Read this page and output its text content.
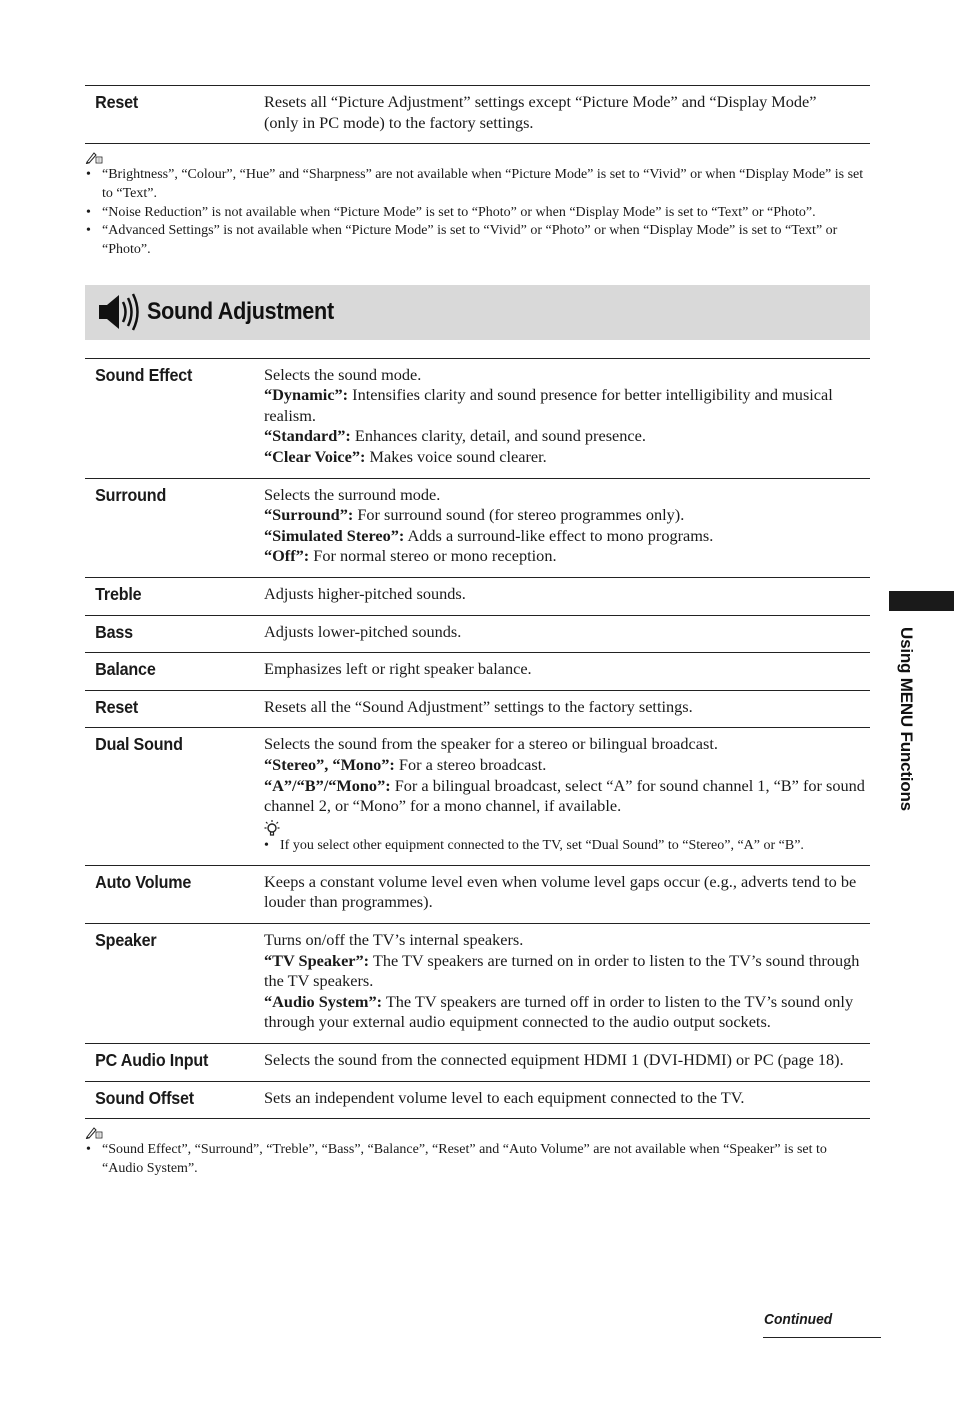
Using MENU Functions
Reset	Resets all “Picture Adjustment” settings except “Picture Mode” and “Display Mode”
(only in PC mode) to the factory settings.
• “Brightness”, “Colour”, “Hue” and “Sharpness” are not available when “Picture Mode” is set to “Vivid” or when “Display Mode” is set to “Text”.
• “Noise Reduction” is not available when “Picture Mode” is set to “Photo” or when “Display Mode” is set to “Text” or “Photo”.
• “Advanced Settings” is not available when “Picture Mode” is set to “Vivid” or “Photo” or when “Display Mode” is set to “Text” or “Photo”.
Sound Adjustment
Sound Effect	Selects the sound mode.
“Dynamic”: Intensifies clarity and sound presence for better intelligibility and musical realism.
“Standard”: Enhances clarity, detail, and sound presence.
“Clear Voice”: Makes voice sound clearer.
Surround	Selects the surround mode.
“Surround”: For surround sound (for stereo programmes only).
“Simulated Stereo”: Adds a surround-like effect to mono programs.
“Off”: For normal stereo or mono reception.
Treble	Adjusts higher-pitched sounds.
Bass	Adjusts lower-pitched sounds.
Balance	Emphasizes left or right speaker balance.
Reset	Resets all the “Sound Adjustment” settings to the factory settings.
Dual Sound	Selects the sound from the speaker for a stereo or bilingual broadcast.
“Stereo”, “Mono”: For a stereo broadcast.
“A”/“B”/“Mono”: For a bilingual broadcast, select “A” for sound channel 1, “B” for sound channel 2, or “Mono” for a mono channel, if available.
• If you select other equipment connected to the TV, set “Dual Sound” to “Stereo”, “A” or “B”.
Auto Volume	Keeps a constant volume level even when volume level gaps occur (e.g., adverts tend to be louder than programmes).
Speaker	Turns on/off the TV’s internal speakers.
“TV Speaker”: The TV speakers are turned on in order to listen to the TV’s sound through the TV speakers.
“Audio System”: The TV speakers are turned off in order to listen to the TV’s sound only through your external audio equipment connected to the audio output sockets.
PC Audio Input	Selects the sound from the connected equipment HDMI 1 (DVI-HDMI) or PC (page 18).
Sound Offset	Sets an independent volume level to each equipment connected to the TV.
• “Sound Effect”, “Surround”, “Treble”, “Bass”, “Balance”, “Reset” and “Auto Volume” are not available when “Speaker” is set to “Audio System”.
Continued
